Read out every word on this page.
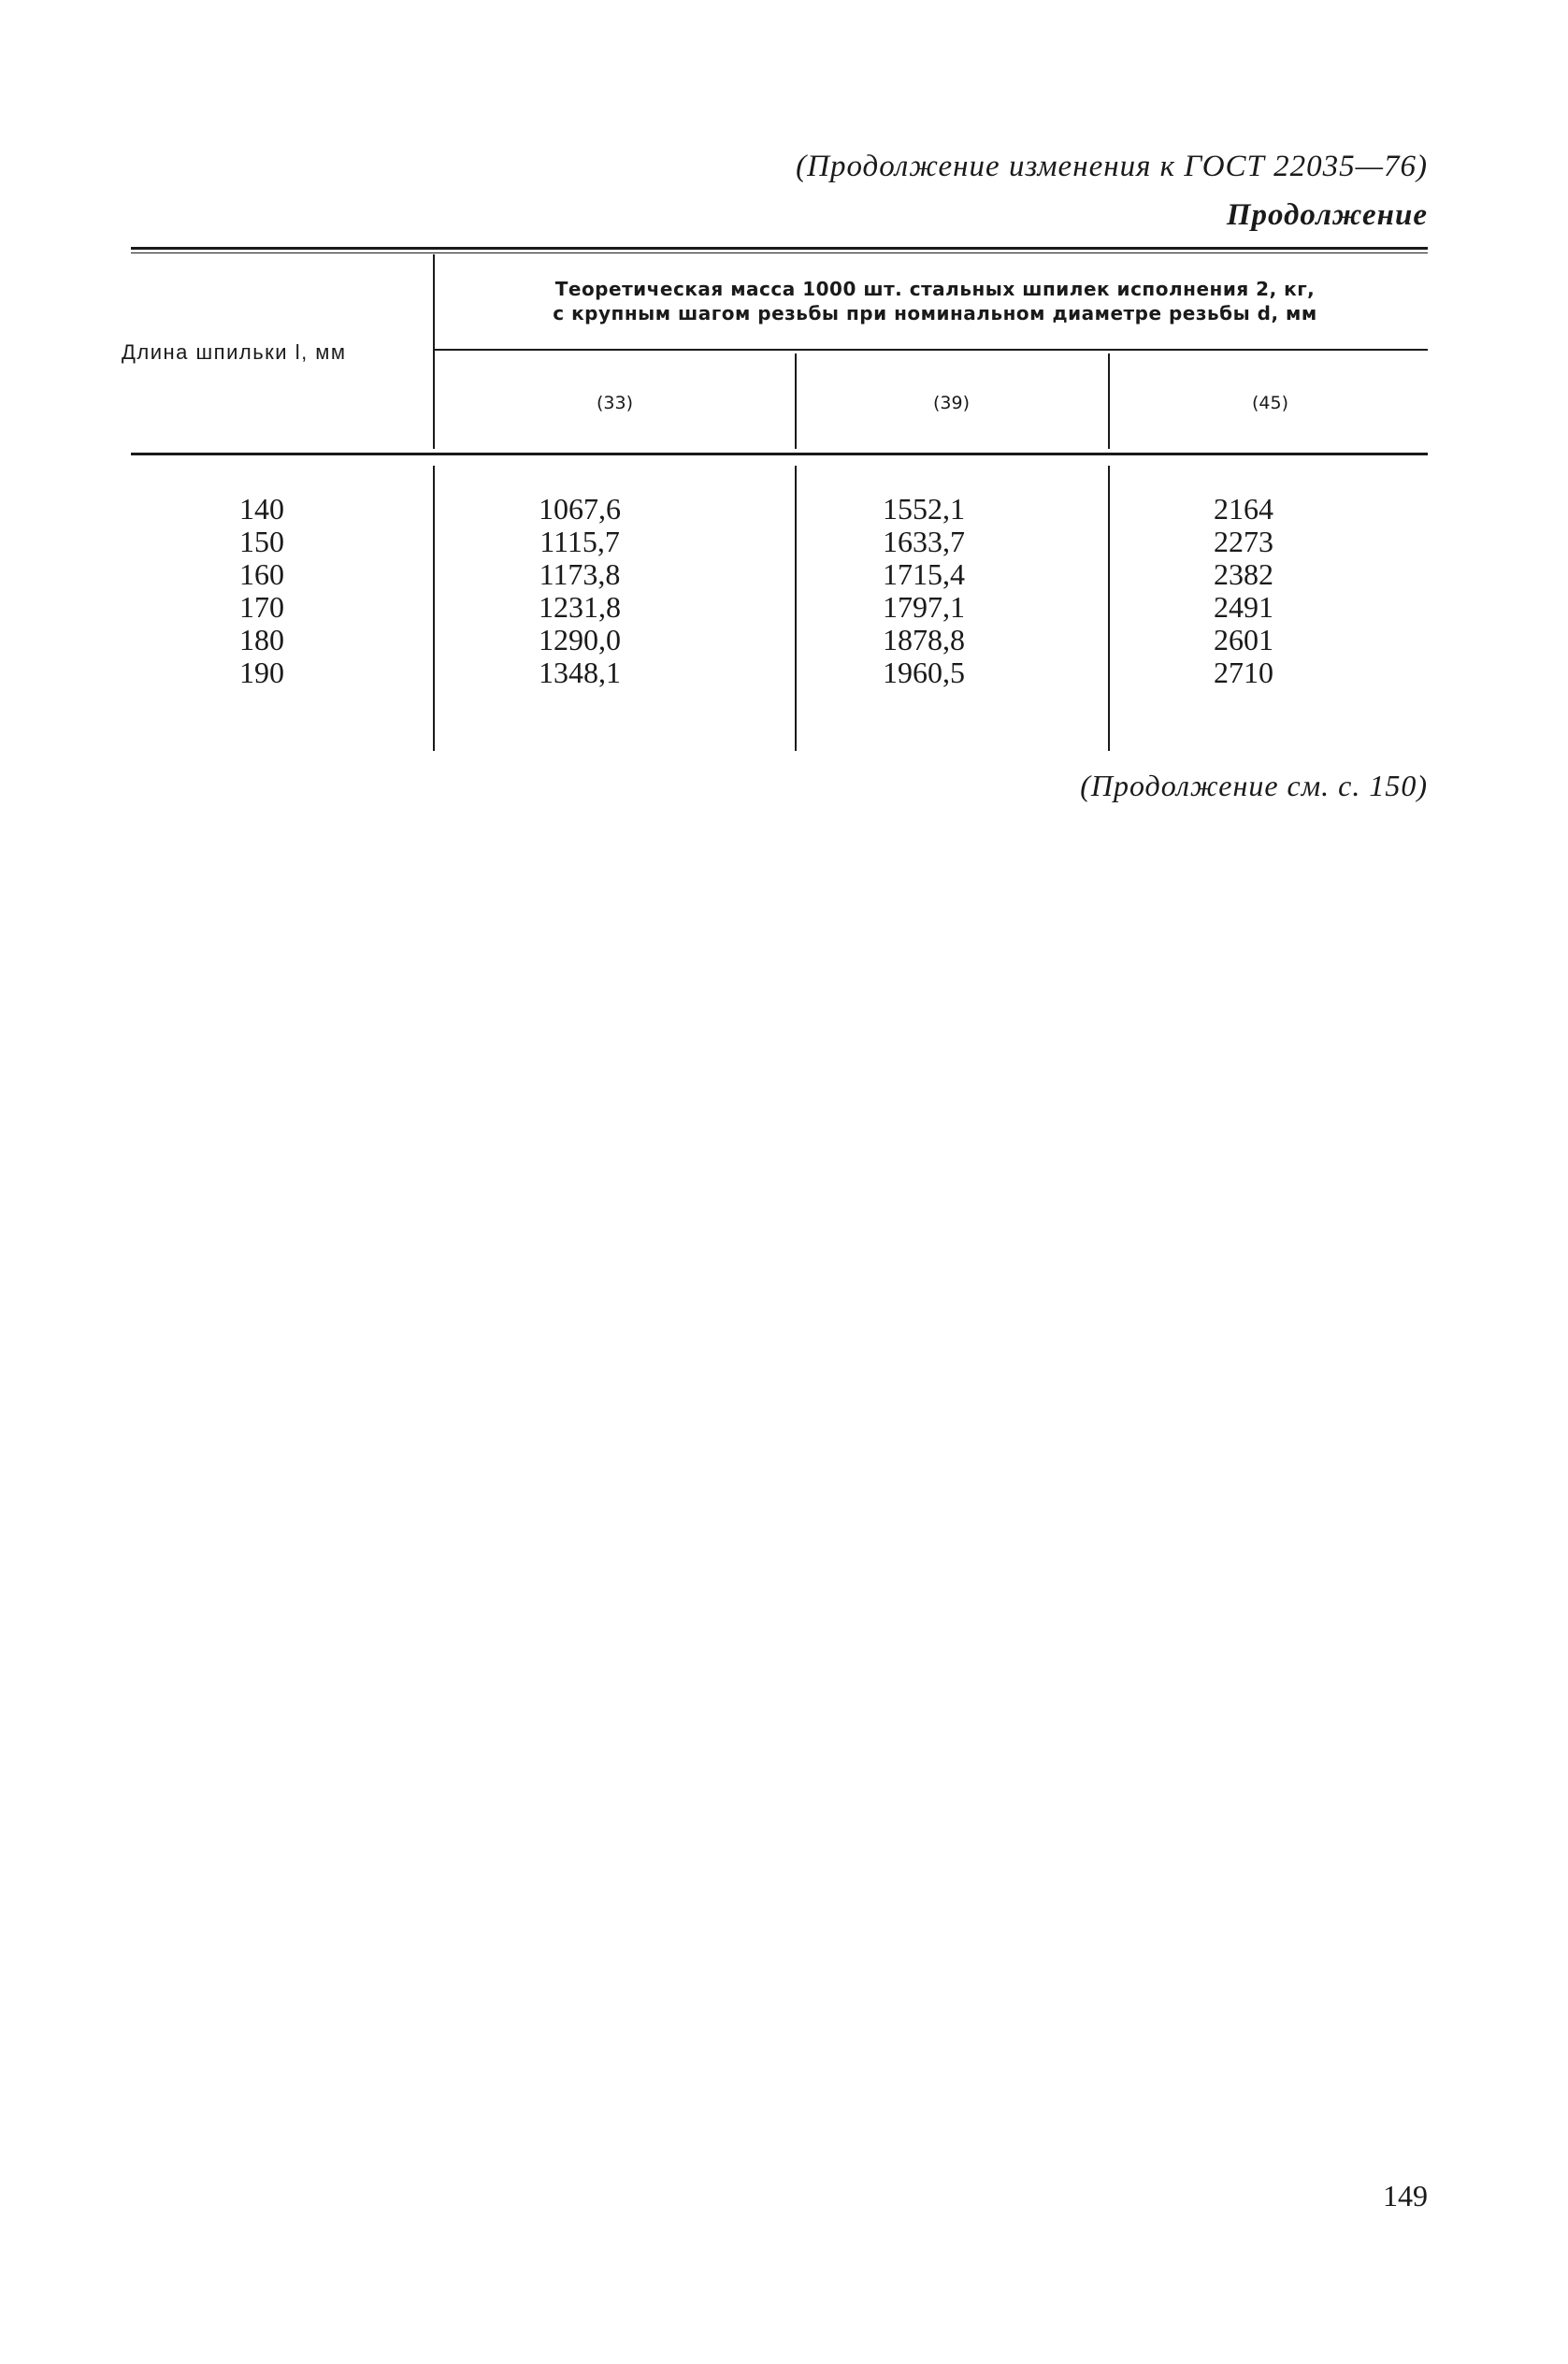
(Продолжение изменения к ГОСТ 22035—76)
Продолжение
Длина шпильки l, мм
Теоретическая масса 1000 шт. стальных шпилек исполнения 2, кг,
с крупным шагом резьбы при номинальном диаметре резьбы d, мм
(33)	(39)	(45)
140
150
160
170
180
190
1067,6
1115,7
1173,8
1231,8
1290,0
1348,1
1552,1
1633,7
1715,4
1797,1
1878,8
1960,5
2164
2273
2382
2491
2601
2710
(Продолжение см. с. 150)
149
